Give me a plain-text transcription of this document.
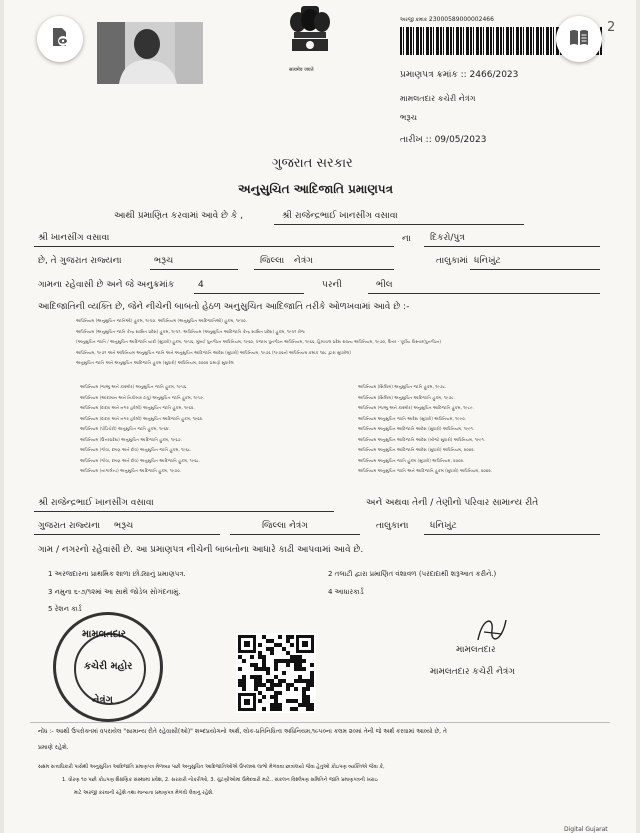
सत्यमेव जयते
અરજી ક્રમાંક :
23000589000002466
2
પ્રમાણપત્ર ક્રમાંક :: 2466/2023
મામલતદાર કચેરી નેત્રંગ
ભરૂચ
તારીખ :: 09/05/2023
ગુજરાત સરકાર
અનુસુચિત આદિજાતિ પ્રમાણપત્ર
આથી પ્રમાણિત કરવામાં આવે છે કે ,	શ્રી રાજેન્દ્રભાઈ ખાનસીંગ વસાવા
શ્રી ખાનસીંગ વસાવા	ના દિકરો/પુત્ર
છે, તે ગુજરાત રાજ્યના	ભરૂચ	જિલ્લા નેત્રંગ	તાલુકામાં ધનિખુંટ
ગામના રહેવાસી છે અને જે અનુક્રમાંક	4	પરની	ભીલ
આદિજાતિની વ્યક્તિ છે, જેને નીચેની બાબતો હેઠળ અનુસુચિત આદિજાતિ તરીકે ઓળખવામાં આવે છે :-

અધિનિયમ (અનુસુચિત જાતિઓ) હુકમ, ૧૯૫૦. અધિનિયમ (અનુસુચિત આદિજાતિઓ) હુકમ, ૧૯૫૦.

અધિનિયમ (અનુસુચિત જાતિ કેન્દ્ર શાસિત પ્રદેશ) હુકમ, ૧૯૫૧. અધિનિયમ (અનુસુચિત આદિજાતિ કેન્દ્ર શાસિત પ્રદેશ) હુકમ, ૧૯૫૧ રોજ

(અનુસુચિત જાતિ / અનુસુચિત આદિજાતિ યાદી (સુધારો) હુકમ, ૧૯૫૬, મુંબઈ પુનર્ગઠન અધિનિયમ, ૧૯૬૦, પંજાબ પુનર્ગઠન અધિનિયમ, ૧૯૬૬, હિમાચલ પ્રદેશ રાજ્ય અધિનિયમ, ૧૯૭૦, ઉત્તર - પૂર્વીય વિસ્તાર(પુનર્ગઠન)

અધિનિયમ, ૧૯૭૧ અને અધિનિયમ અનુસુચિત જાતિ અને અનુસુચિત આદિજાતિ આદેશ (સુધારો) અધિનિયમ, ૧૯૭૬ (૧૯૭૬નો અધિનિયમ ક્રમાંક ૧૦૮ દ્વારા સુધારેલ)

અનુસુચિત જાતિ અને અનુસુચિત આદિજાતિ હુકમ (સુધારો) અધિનિયમ, ૨૦૦૨ પ્રમાણે સુધારેલ

અધિનિયમ (જમ્મુ અને કાશ્મીર) અનુસુચિત જાતિ હુકમ, ૧૯૫૬.

અધિનિયમ (આંદામાન અને નિકોબાર ટાપુ) અનુસુચિત જાતિ હુકમ, ૧૯૫૯.

અધિનિયમ (દાદરા અને નગર હવેલી) અનુસુચિત જાતિ હુકમ, ૧૯૬૨.

અધિનિયમ (દાદરા અને નગર હવેલી) અનુસુચિત આદિજાતિ હુકમ, ૧૯૬૨.

અધિનિયમ (પોંડિચેરી) અનુસુચિત જાતિ હુકમ, ૧૯૬૪.

અધિનિયમ (ઉત્તરપ્રદેશ) અનુસુચિત આદિજાતિ હુકમ, ૧૯૬૭.

અધિનિયમ (ગોવા, દમણ અને દીવ) અનુસુચિત જાતિ હુકમ, ૧૯૬૮.

અધિનિયમ (ગોવા, દમણ અને દીવ) અનુસુચિત આદિજાતિ હુકમ, ૧૯૬૮.

અધિનિયમ (નાગાલેન્ડ) અનુસુચિત આદિજાતિ હુકમ, ૧૯૭૦.

અધિનિયમ (સિક્કિમ) અનુસુચિત જાતિ હુકમ, ૧૯૭૮.

અધિનિયમ (સિક્કિમ) અનુસુચિત આદિજાતિ હુકમ, ૧૯૭૮.

અધિનિયમ (જમ્મુ અને કાશ્મીર) અનુસુચિત આદિજાતિ હુકમ, ૧૯૮૯.

અધિનિયમ અનુસુચિત જાતિ આદેશ (સુધારો) અધિનિયમ, ૧૯૯૦.

અધિનિયમ અનુસુચિત આદિજાતિ આદેશ (સુધારો) અધિનિયમ, ૧૯૯૧.

અધિનિયમ અનુસુચિત આદિજાતિ આદેશ (બીજો સુધારો) અધિનિયમ, ૧૯૯૧.

અધિનિયમ અનુસુચિત આદિજાતિ આદેશ (સુધારો) અધિનિયમ, ૨૦૦૨.

અધિનિયમ અનુસુચિત જાતિ હુકમ (સુધારો) અધિનિયમ, ૨૦૦૨.

અધિનિયમ અનુસુચિત જાતિ અને આદિજાતિ હુકમ (સુધારો) અધિનિયમ, ૨૦૦૨.

શ્રી રાજેન્દ્રભાઈ ખાનસીંગ વસાવા	અને અથવા તેની / તેણીનો પરિવાર સામાન્ય રીતે
ગુજરાત રાજ્યના ભરૂચ	જિલ્લા નેત્રંગ	તાલુકાના ધનિખુંટ
ગામ / નગરનો રહેવાસી છે. આ પ્રમાણપત્ર નીચેની બાબતોના આધારે કાઢી આપવામાં આવે છે.
1 અરજદારના પ્રાથમિક શાળા છોડ્યાનું પ્રમાણપત્ર.	2 તલાટી દ્વારા પ્રમાણિત વંશાવળ (પરદાદાથી શરૂઆત કરીને.)
3 નમુના ૬-૭/૧૨માં આ સાથે જોડેલ સોગંદનામું.	4 આધારકાર્ડ
5 રેશન કાર્ડ
મામલતદાર
કચેરી મહોર
નેત્રંગ
મામલતદાર
મામલતદાર કચેરી નેત્રંગ
નોંધ :- આથી ઉપરોક્તમાં વપરાયેલ "સામાન્ય રીતે રહેવાસી(ઓ)" શબ્દપ્રયોગનો અર્થ, લોક-પ્રતિનિધિત્વ અધિનિયમ,૧૯૫૦ના કલમ ૨૦માં તેની જે અર્થ કરવામાં આવ્યો છે, તે
પ્રમાણે રહેશે.
સક્ષમ સત્તાધિકારી પાસેથી અનુસુચિત આદિજાતિ પ્રમાણપત્ર મેળવ્યા પછી અનુસુચિત આદિજાતિઓએ ઉપલબ્ધ લાભો મેળવવા છાત્રાલયો જેવા હેતુઓ કોઇપણ વ્યક્તિએ જેવા કે,
1. ધોરણ ૧૦ પછી કોઇપણ શૈક્ષણિક સંસ્થામાં પ્રવેશ, 2. સરકારી નોકરીઓ, 3. ચુંટણીઓમાં ઉમેદવારી માટે.. સંકલન વિશ્લેષણ સમિતિને જાતિ પ્રમાણપત્રની ખરાઇ
માટે અરજી કરવાની રહેશે તથા માન્યતા પ્રમાણપત્ર મેળવી લેવાનું રહેશે.
Digital Gujarat
